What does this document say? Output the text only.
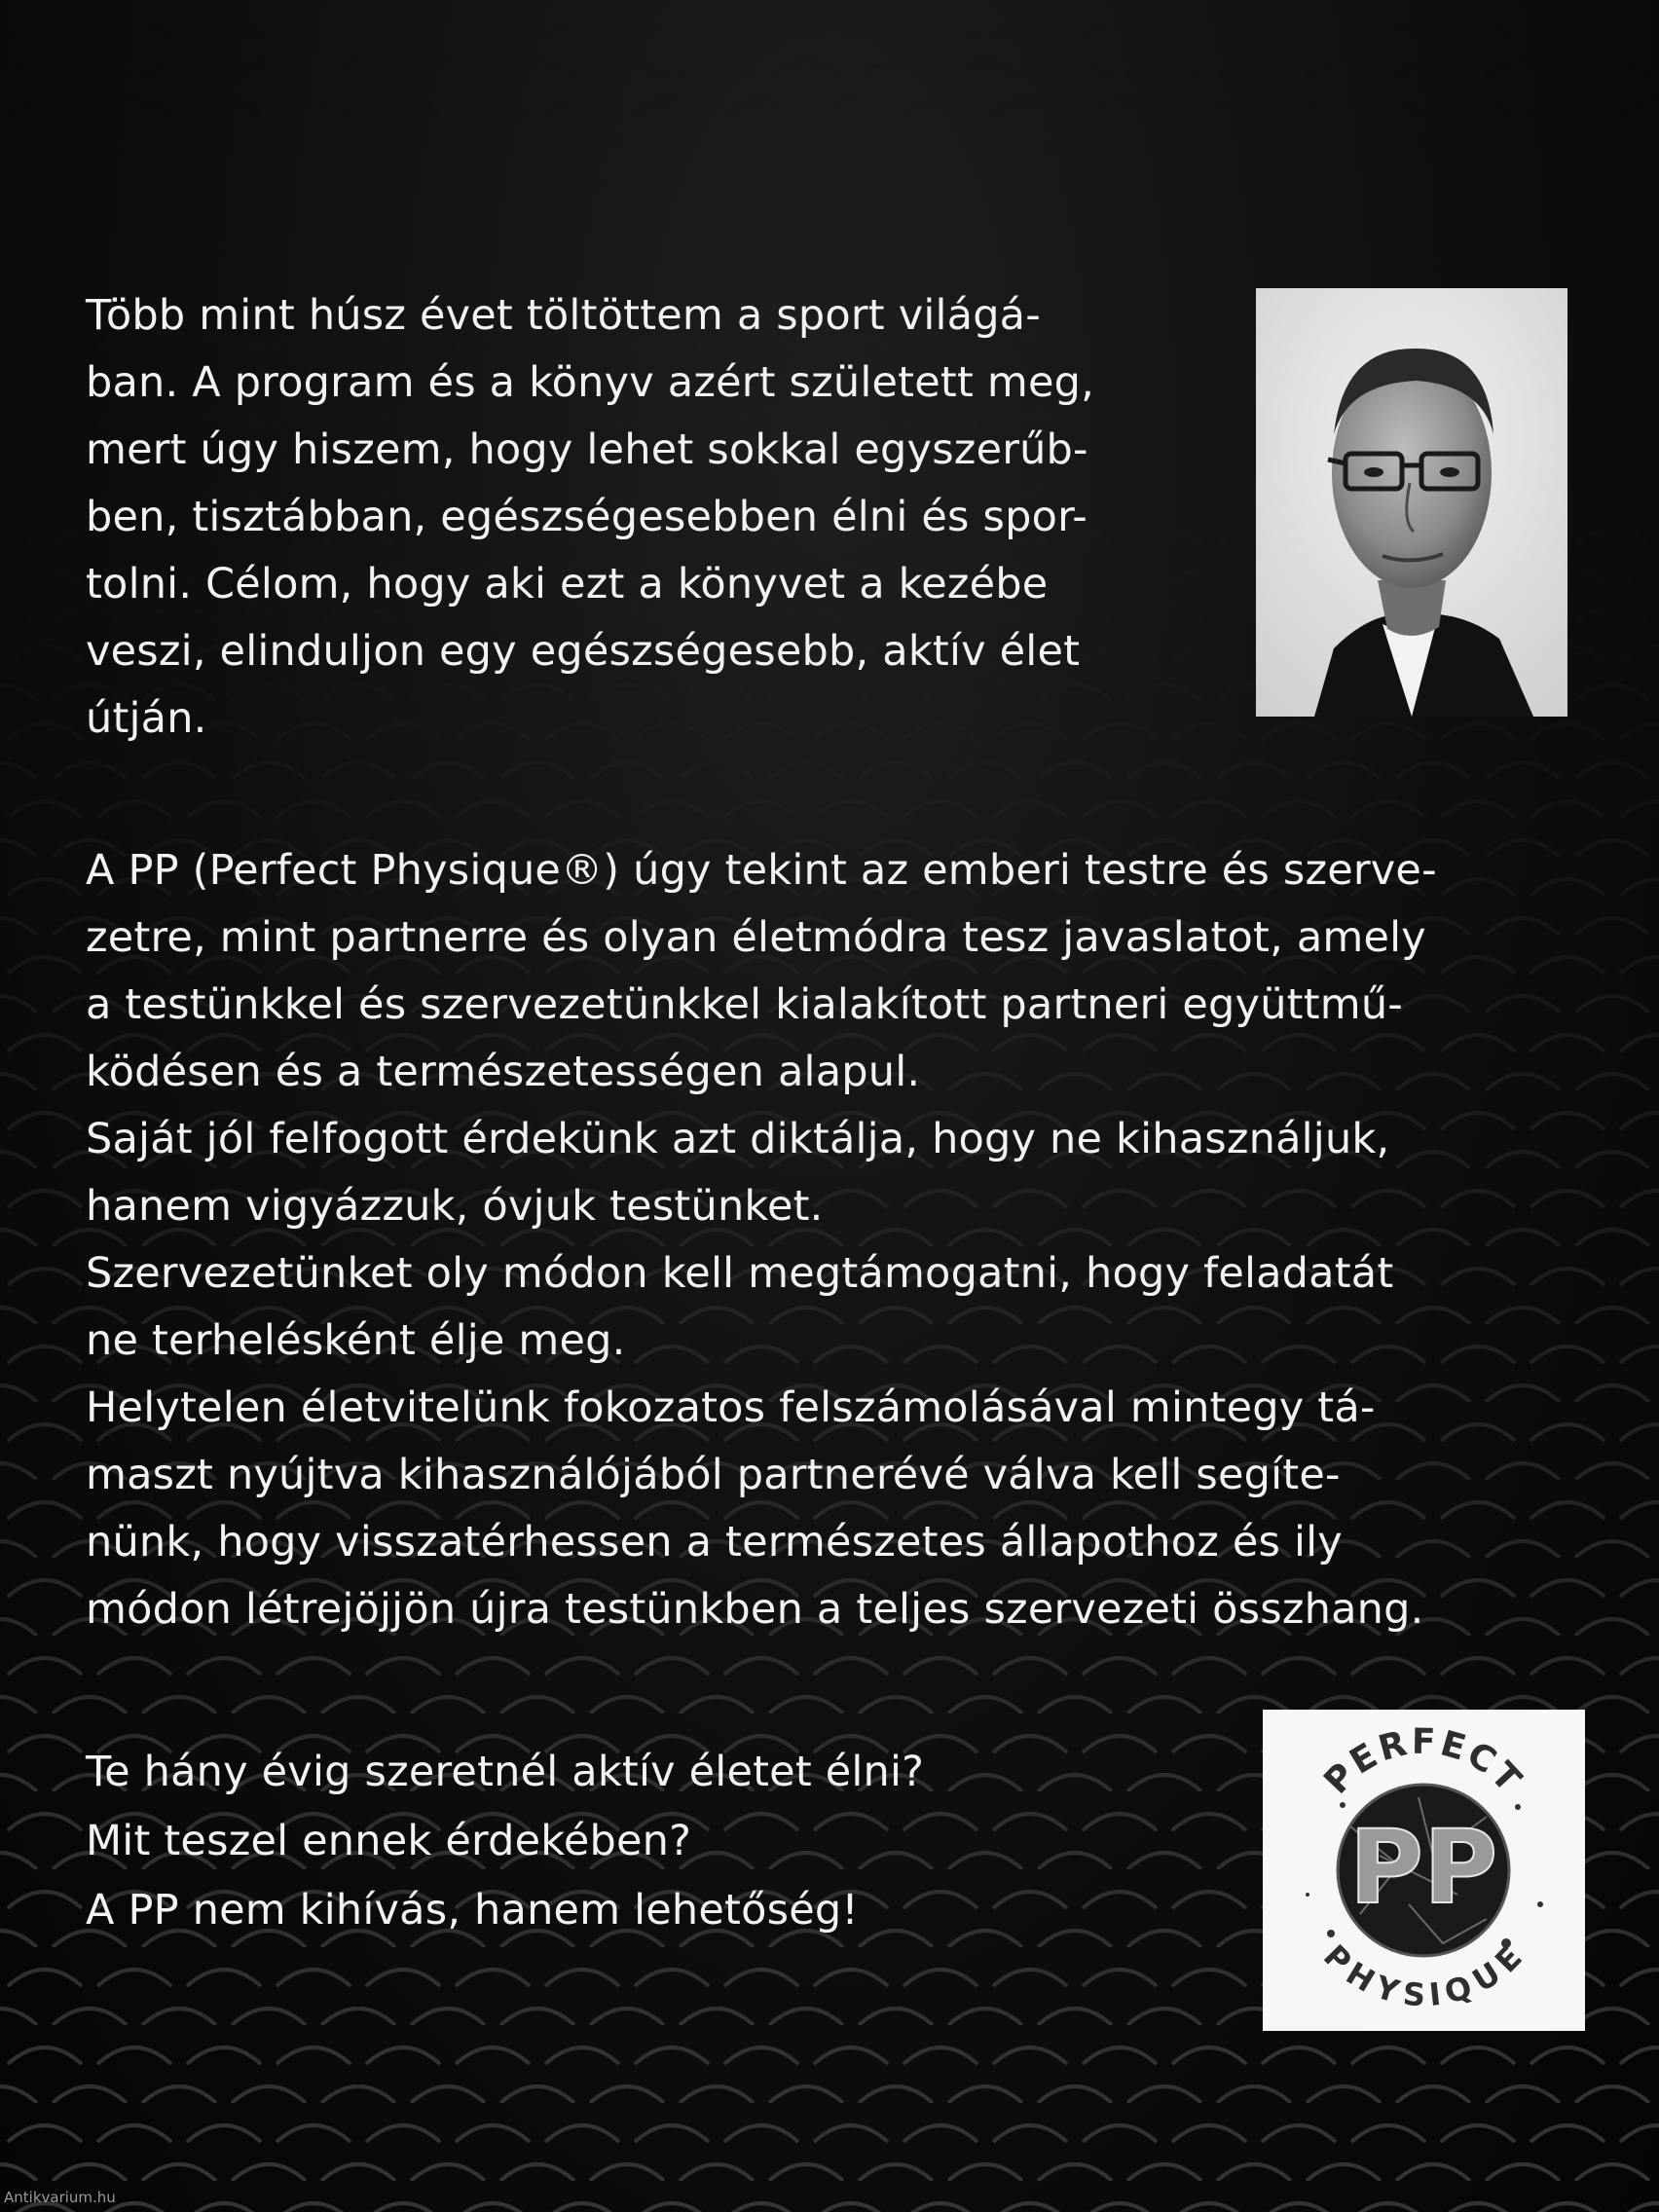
Több mint húsz évet töltöttem a sport világá-
ban. A program és a könyv azért született meg,
mert úgy hiszem, hogy lehet sokkal egyszerűb-
ben, tisztábban, egészségesebben élni és spor-
tolni. Célom, hogy aki ezt a könyvet a kezébe
veszi, elinduljon egy egészségesebb, aktív élet
útján.
A PP (Perfect Physique®) úgy tekint az emberi testre és szerve-
zetre, mint partnerre és olyan életmódra tesz javaslatot, amely
a testünkkel és szervezetünkkel kialakított partneri együttmű-
ködésen és a természetességen alapul.
Saját jól felfogott érdekünk azt diktálja, hogy ne kihasználjuk,
hanem vigyázzuk, óvjuk testünket.
Szervezetünket oly módon kell megtámogatni, hogy feladatát
ne terhelésként élje meg.
Helytelen életvitelünk fokozatos felszámolásával mintegy tá-
maszt nyújtva kihasználójából partnerévé válva kell segíte-
nünk, hogy visszatérhessen a természetes állapothoz és ily
módon létrejöjjön újra testünkben a teljes szervezeti összhang.
Te hány évig szeretnél aktív életet élni?
Mit teszel ennek érdekében?
A PP nem kihívás, hanem lehetőség!	PP
PERFECT
PHYSIQUE
Antikvarium.hu
